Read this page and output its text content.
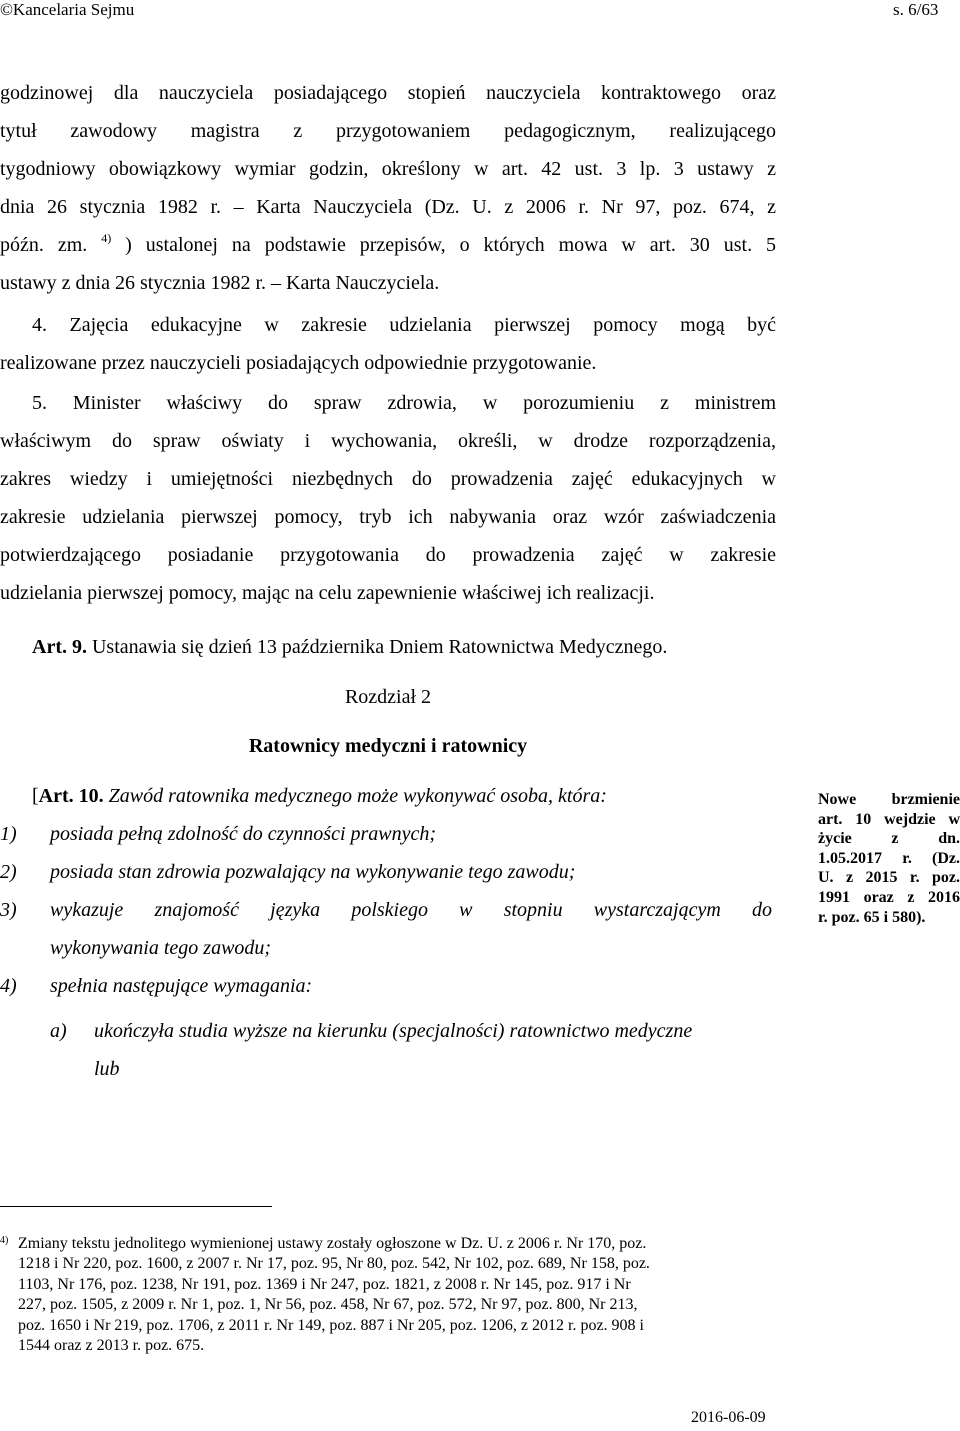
©Kancelaria Sejmu	s. 6/63
godzinowej dla nauczyciela posiadającego stopień nauczyciela kontraktowego oraz
tytuł zawodowy magistra z przygotowaniem pedagogicznym, realizującego
tygodniowy obowiązkowy wymiar godzin, określony w art. 42 ust. 3 lp. 3 ustawy z
dnia 26 stycznia 1982 r. – Karta Nauczyciela (Dz. U. z 2006 r. Nr 97, poz. 674, z
późn. zm. $^{4)}$ ) ustalonej na podstawie przepisów, o których mowa w art. 30 ust. 5
ustawy z dnia 26 stycznia 1982 r. – Karta Nauczyciela.
4. Zajęcia edukacyjne w zakresie udzielania pierwszej pomocy mogą być
realizowane przez nauczycieli posiadających odpowiednie przygotowanie.
5. Minister właściwy do spraw zdrowia, w porozumieniu z ministrem
właściwym do spraw oświaty i wychowania, określi, w drodze rozporządzenia,
zakres wiedzy i umiejętności niezbędnych do prowadzenia zajęć edukacyjnych w
zakresie udzielania pierwszej pomocy, tryb ich nabywania oraz wzór zaświadczenia
potwierdzającego posiadanie przygotowania do prowadzenia zajęć w zakresie
udzielania pierwszej pomocy, mając na celu zapewnienie właściwej ich realizacji.
Art. 9. Ustanawia się dzień 13 października Dniem Ratownictwa Medycznego.
Rozdział 2
Ratownicy medyczni i ratownicy
[Art. 10. Zawód ratownika medycznego może wykonywać osoba, która:
1) posiada pełną zdolność do czynności prawnych;
2) posiada stan zdrowia pozwalający na wykonywanie tego zawodu;
3) wykazuje znajomość języka polskiego w stopniu wystarczającym do
wykonywania tego zawodu;
4) spełnia następujące wymagania:
a) ukończyła studia wyższe na kierunku (specjalności) ratownictwo medyczne
lub
Nowe brzmienie
art. 10 wejdzie w
życie z dn.
1.05.2017 r. (Dz.
U. z 2015 r. poz.
1991 oraz z 2016
r. poz. 65 i 580).
4) Zmiany tekstu jednolitego wymienionej ustawy zostały ogłoszone w Dz. U. z 2006 r. Nr 170, poz.
1218 i Nr 220, poz. 1600, z 2007 r. Nr 17, poz. 95, Nr 80, poz. 542, Nr 102, poz. 689, Nr 158, poz.
1103, Nr 176, poz. 1238, Nr 191, poz. 1369 i Nr 247, poz. 1821, z 2008 r. Nr 145, poz. 917 i Nr
227, poz. 1505, z 2009 r. Nr 1, poz. 1, Nr 56, poz. 458, Nr 67, poz. 572, Nr 97, poz. 800, Nr 213,
poz. 1650 i Nr 219, poz. 1706, z 2011 r. Nr 149, poz. 887 i Nr 205, poz. 1206, z 2012 r. poz. 908 i
1544 oraz z 2013 r. poz. 675.
2016-06-09
